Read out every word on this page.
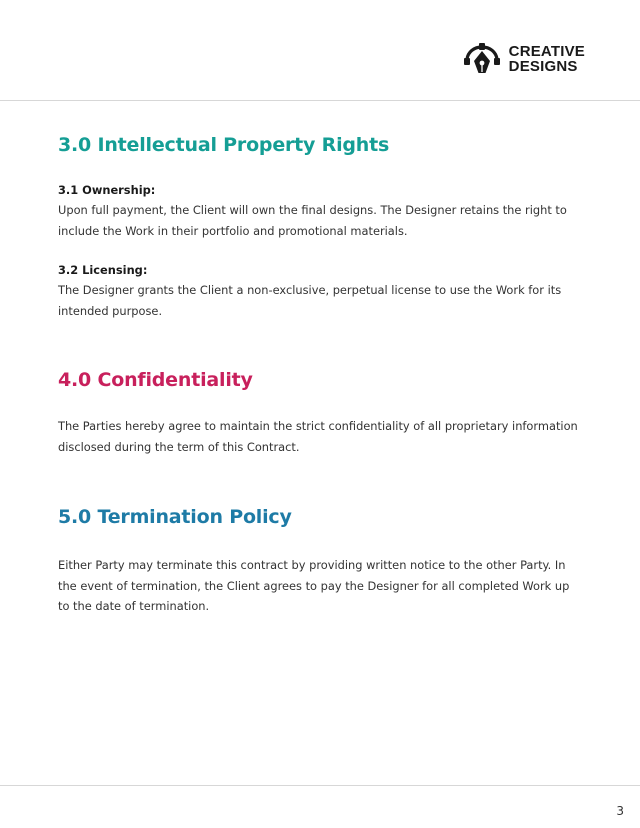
CREATIVE
DESIGNS
3.0 Intellectual Property Rights
3.1 Ownership:

Upon full payment, the Client will own the final designs. The Designer retains the right to include the Work in their portfolio and promotional materials.

3.2 Licensing:

The Designer grants the Client a non-exclusive, perpetual license to use the Work for its intended purpose.

4.0 Confidentiality

The Parties hereby agree to maintain the strict confidentiality of all proprietary information disclosed during the term of this Contract.

5.0 Termination Policy

Either Party may terminate this contract by providing written notice to the other Party. In the event of termination, the Client agrees to pay the Designer for all completed Work up to the date of termination.

3
